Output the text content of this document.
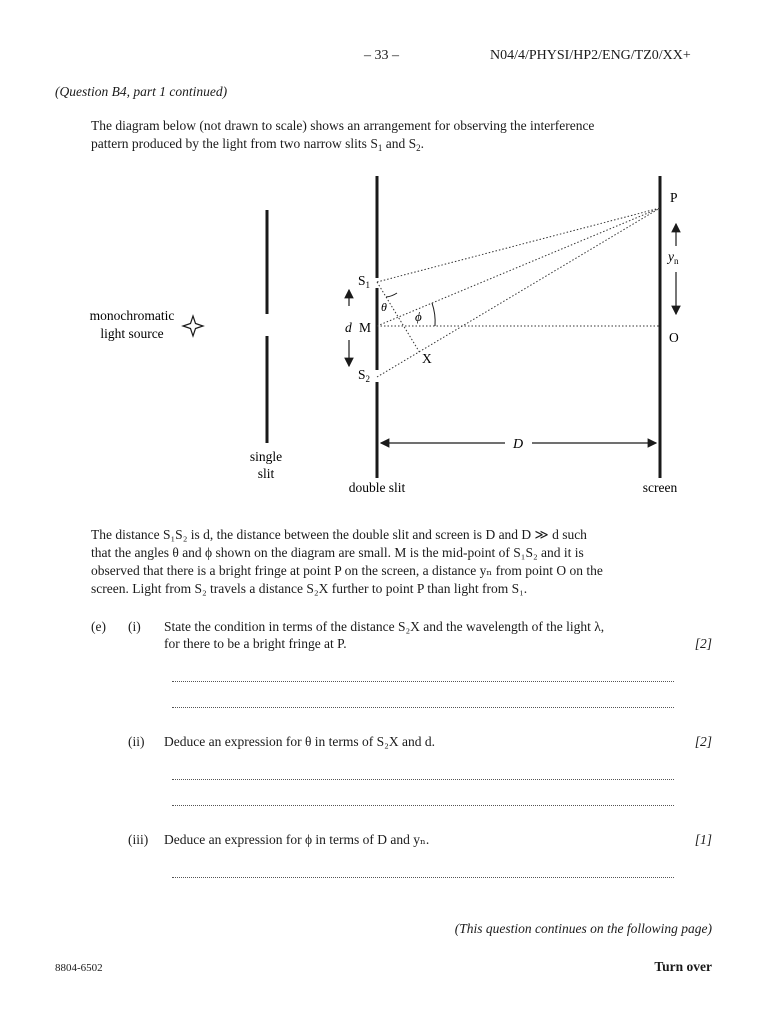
– 33 –	N04/4/PHYSI/HP2/ENG/TZ0/XX+
(Question B4, part 1 continued)
The diagram below (not drawn to scale) shows an arrangement for observing the interference
pattern produced by the light from two narrow slits $S_1$ and $S_2$.
monochromatic
light source
single
slit
double slit	screen
$S_1$
$S_2$
M
d
X
θ
ϕ
P
O
$y_n$
D
The distance S₁S₂ is d, the distance between the double slit and screen is D and D ≫ d such
that the angles θ and ϕ shown on the diagram are small. M is the mid-point of S₁S₂ and it is
observed that there is a bright fringe at point P on the screen, a distance yₙ from point O on the
screen. Light from S₂ travels a distance S₂X further to point P than light from S₁.
(e) (i) State the condition in terms of the distance S₂X and the wavelength of the light λ,
for there to be a bright fringe at P.	[2]
(ii) Deduce an expression for θ in terms of S₂X and d.	[2]
(iii) Deduce an expression for ϕ in terms of D and yₙ.	[1]
(This question continues on the following page)
8804-6502	Turn over
